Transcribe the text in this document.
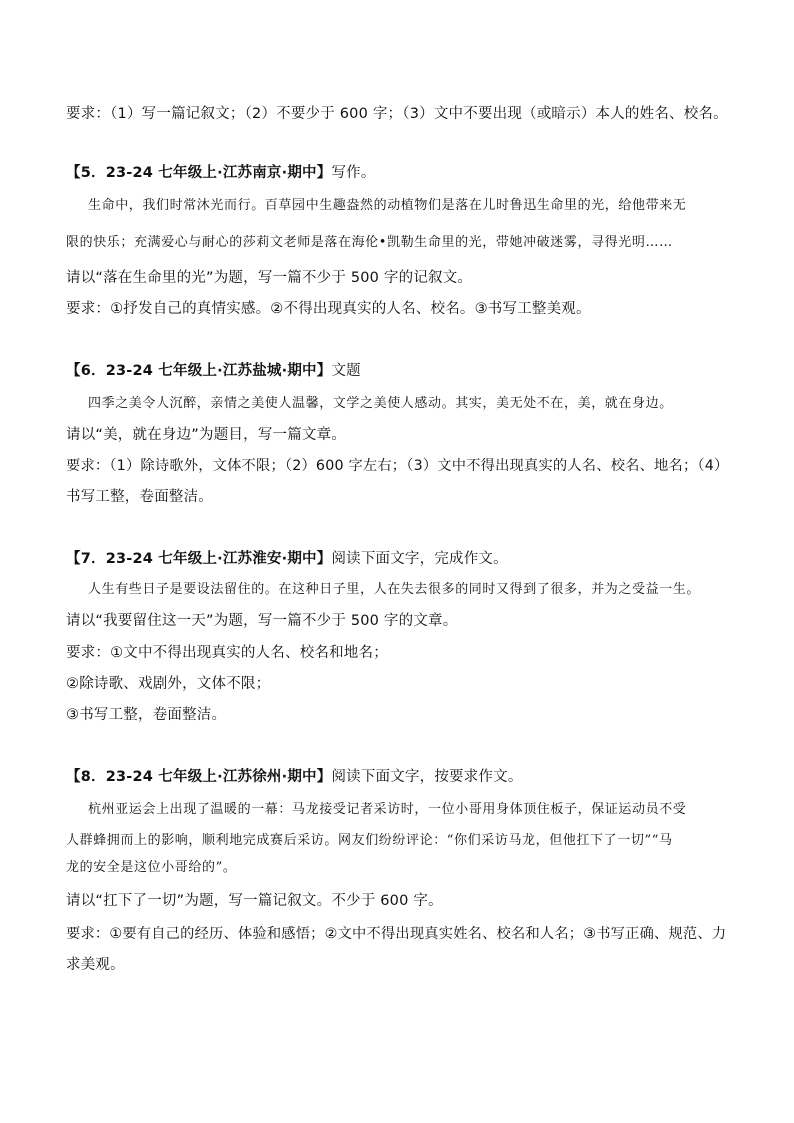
要求：（1）写一篇记叙文；（2）不要少于 600 字；（3）文中不要出现（或暗示）本人的姓名、校名。
【5．23-24 七年级上·江苏南京·期中】写作。
生命中，我们时常沐光而行。百草园中生趣盎然的动植物们是落在儿时鲁迅生命里的光，给他带来无
限的快乐；充满爱心与耐心的莎莉文老师是落在海伦•凯勒生命里的光，带她冲破迷雾，寻得光明……
请以“落在生命里的光”为题，写一篇不少于 500 字的记叙文。
要求：①抒发自己的真情实感。②不得出现真实的人名、校名。③书写工整美观。
【6．23-24 七年级上·江苏盐城·期中】文题
四季之美令人沉醉，亲情之美使人温馨，文学之美使人感动。其实，美无处不在，美，就在身边。
请以“美，就在身边”为题目，写一篇文章。
要求：（1）除诗歌外，文体不限；（2）600 字左右；（3）文中不得出现真实的人名、校名、地名；（4）
书写工整，卷面整洁。
【7．23-24 七年级上·江苏淮安·期中】阅读下面文字，完成作文。
人生有些日子是要设法留住的。在这种日子里，人在失去很多的同时又得到了很多，并为之受益一生。
请以“我要留住这一天”为题，写一篇不少于 500 字的文章。
要求：①文中不得出现真实的人名、校名和地名；
②除诗歌、戏剧外，文体不限；
③书写工整，卷面整洁。
【8．23-24 七年级上·江苏徐州·期中】阅读下面文字，按要求作文。
杭州亚运会上出现了温暖的一幕：马龙接受记者采访时，一位小哥用身体顶住板子，保证运动员不受
人群蜂拥而上的影响，顺利地完成赛后采访。网友们纷纷评论：“你们采访马龙，但他扛下了一切”“马
龙的安全是这位小哥给的”。
请以“扛下了一切”为题，写一篇记叙文。不少于 600 字。
要求：①要有自己的经历、体验和感悟；②文中不得出现真实姓名、校名和人名；③书写正确、规范、力
求美观。
